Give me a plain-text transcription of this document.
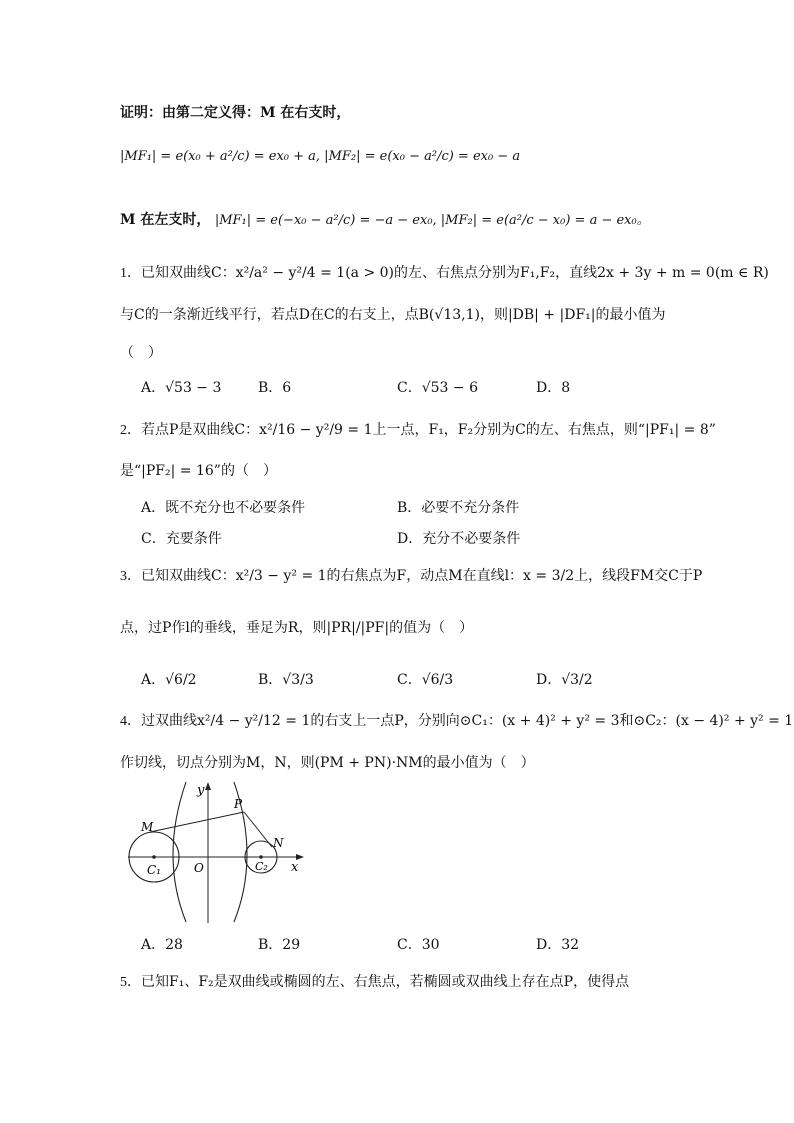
证明：由第二定义得：M 在右支时，
|MF₁| = e(x₀ + a²/c) = ex₀ + a, |MF₂| = e(x₀ − a²/c) = ex₀ − a
M 在左支时， |MF₁| = e(−x₀ − a²/c) = −a − ex₀, |MF₂| = e(a²/c − x₀) = a − ex₀。
1．已知双曲线C：x²/a² − y²/4 = 1(a > 0)的左、右焦点分别为F₁,F₂，直线2x + 3y + m = 0(m ∈ R)
与C的一条渐近线平行，若点D在C的右支上，点B(√13,1)，则|DB| + |DF₁|的最小值为
（　）
A．√53 − 3	B．6	C．√53 − 6	D．8
2．若点P是双曲线C：x²/16 − y²/9 = 1上一点，F₁，F₂分别为C的左、右焦点，则“|PF₁| = 8”
是“|PF₂| = 16”的（　）
A．既不充分也不必要条件	B．必要不充分条件
C．充要条件	D．充分不必要条件
3．已知双曲线C：x²/3 − y² = 1的右焦点为F，动点M在直线l：x = 3/2上，线段FM交C于P
点，过P作l的垂线，垂足为R，则|PR|/|PF|的值为（　）
A．√6/2	B．√3/3	C．√6/3	D．√3/2
4．过双曲线x²/4 − y²/12 = 1的右支上一点P，分别向⊙C₁：(x + 4)² + y² = 3和⊙C₂：(x − 4)² + y² = 1
作切线，切点分别为M，N，则(PM + PN)·NM的最小值为（　）
y
x
O
P
M
N
C₁	C₂
A．28	B．29	C．30	D．32
5．已知F₁、F₂是双曲线或椭圆的左、右焦点，若椭圆或双曲线上存在点P，使得点
